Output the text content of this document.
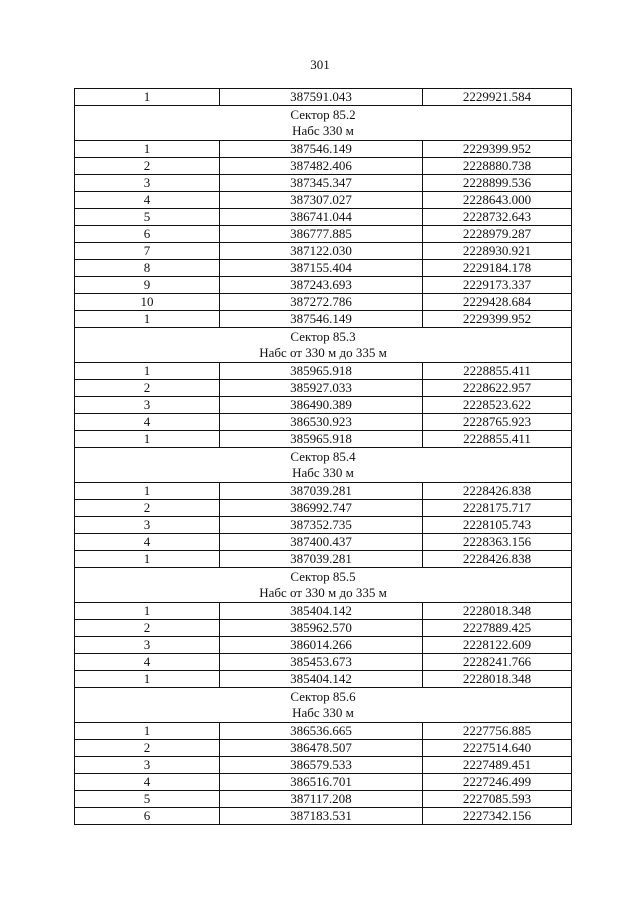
301
1	387591.043	2229921.584

Сектор 85.2
Набс 330 м		

1	387546.149	2229399.952
2	387482.406	2228880.738
3	387345.347	2228899.536
4	387307.027	2228643.000
5	386741.044	2228732.643
6	386777.885	2228979.287
7	387122.030	2228930.921
8	387155.404	2229184.178
9	387243.693	2229173.337
10	387272.786	2229428.684
1	387546.149	2229399.952

Сектор 85.3
Набс от 330 м до 335 м		

1	385965.918	2228855.411
2	385927.033	2228622.957
3	386490.389	2228523.622
4	386530.923	2228765.923
1	385965.918	2228855.411

Сектор 85.4
Набс 330 м		

1	387039.281	2228426.838
2	386992.747	2228175.717
3	387352.735	2228105.743
4	387400.437	2228363.156
1	387039.281	2228426.838

Сектор 85.5
Набс от 330 м до 335 м		

1	385404.142	2228018.348
2	385962.570	2227889.425
3	386014.266	2228122.609
4	385453.673	2228241.766
1	385404.142	2228018.348

Сектор 85.6
Набс 330 м		

1	386536.665	2227756.885
2	386478.507	2227514.640
3	386579.533	2227489.451
4	386516.701	2227246.499
5	387117.208	2227085.593
6	387183.531	2227342.156
